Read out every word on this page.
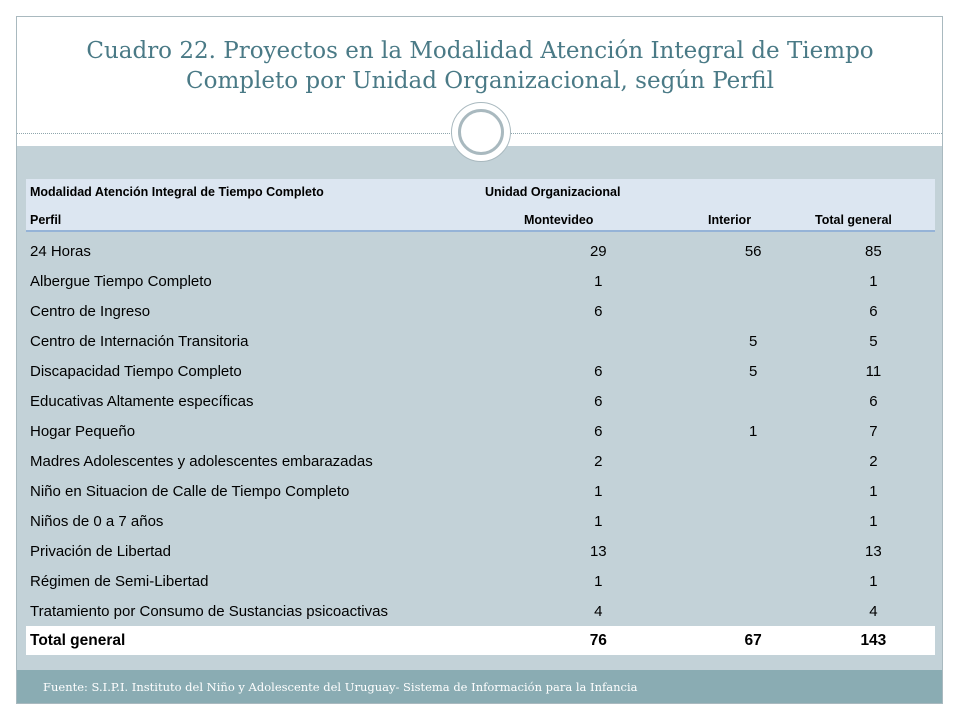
Cuadro 22. Proyectos en la Modalidad Atención Integral de Tiempo
Completo por Unidad Organizacional, según Perfil
Modalidad Atención Integral de Tiempo Completo	Unidad Organizacional
Perfil	Montevideo	Interior	Total general
24 Horas	29	56	85
Albergue Tiempo Completo	1		1
Centro de Ingreso	6		6
Centro de Internación Transitoria		5	5
Discapacidad Tiempo Completo	6	5	11
Educativas Altamente específicas	6		6
Hogar Pequeño	6	1	7
Madres Adolescentes y adolescentes embarazadas	2		2
Niño en Situacion de Calle de Tiempo Completo	1		1
Niños de 0 a 7 años	1		1
Privación de Libertad	13		13
Régimen de Semi-Libertad	1		1
Tratamiento por Consumo de Sustancias psicoactivas	4		4
Total general	76	67	143
Fuente: S.I.P.I. Instituto del Niño y Adolescente del Uruguay- Sistema de Información para la Infancia
